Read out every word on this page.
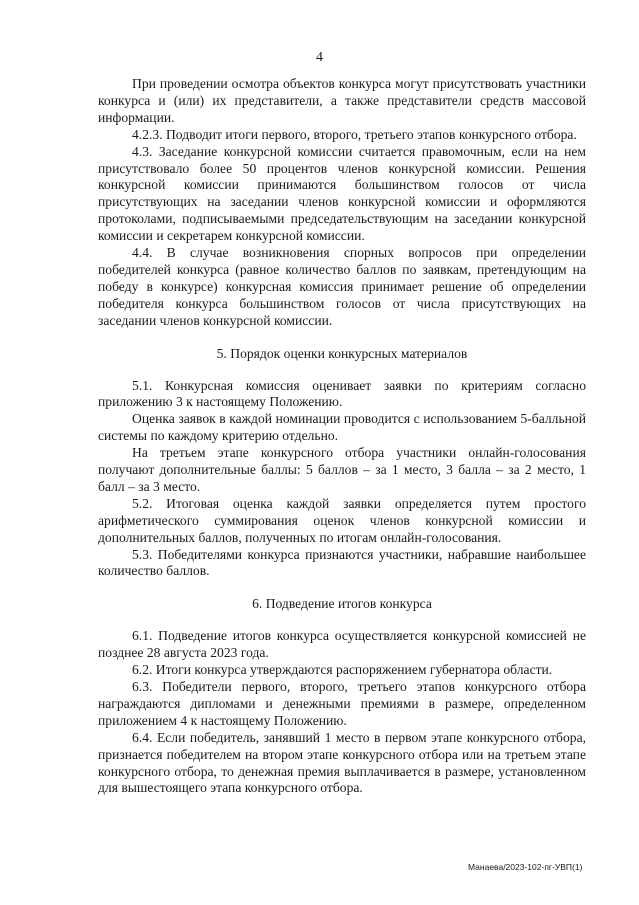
4

При проведении осмотра объектов конкурса могут присутствовать участники конкурса и (или) их представители, а также представители средств массовой информации.

4.2.3. Подводит итоги первого, второго, третьего этапов конкурсного отбора.

4.3. Заседание конкурсной комиссии считается правомочным, если на нем присутствовало более 50 процентов членов конкурсной комиссии. Решения конкурсной комиссии принимаются большинством голосов от числа присутствующих на заседании членов конкурсной комиссии и оформляются протоколами, подписываемыми председательствующим на заседании конкурсной комиссии и секретарем конкурсной комиссии.

4.4. В случае возникновения спорных вопросов при определении победителей конкурса (равное количество баллов по заявкам, претендующим на победу в конкурсе) конкурсная комиссия принимает решение об определении победителя конкурса большинством голосов от числа присутствующих на заседании членов конкурсной комиссии.

5. Порядок оценки конкурсных материалов

5.1. Конкурсная комиссия оценивает заявки по критериям согласно приложению 3 к настоящему Положению.

Оценка заявок в каждой номинации проводится с использованием 5-балльной системы по каждому критерию отдельно.

На третьем этапе конкурсного отбора участники онлайн-голосования получают дополнительные баллы: 5 баллов – за 1 место, 3 балла – за 2 место, 1 балл – за 3 место.

5.2. Итоговая оценка каждой заявки определяется путем простого арифметического суммирования оценок членов конкурсной комиссии и дополнительных баллов, полученных по итогам онлайн-голосования.

5.3. Победителями конкурса признаются участники, набравшие наибольшее количество баллов.

6. Подведение итогов конкурса

6.1. Подведение итогов конкурса осуществляется конкурсной комиссией не позднее 28 августа 2023 года.

6.2. Итоги конкурса утверждаются распоряжением губернатора области.

6.3. Победители первого, второго, третьего этапов конкурсного отбора награждаются дипломами и денежными премиями в размере, определенном приложением 4 к настоящему Положению.

6.4. Если победитель, занявший 1 место в первом этапе конкурсного отбора, признается победителем на втором этапе конкурсного отбора или на третьем этапе конкурсного отбора, то денежная премия выплачивается в размере, установленном для вышестоящего этапа конкурсного отбора.

Манаева/2023-102-пг-УВП(1)
